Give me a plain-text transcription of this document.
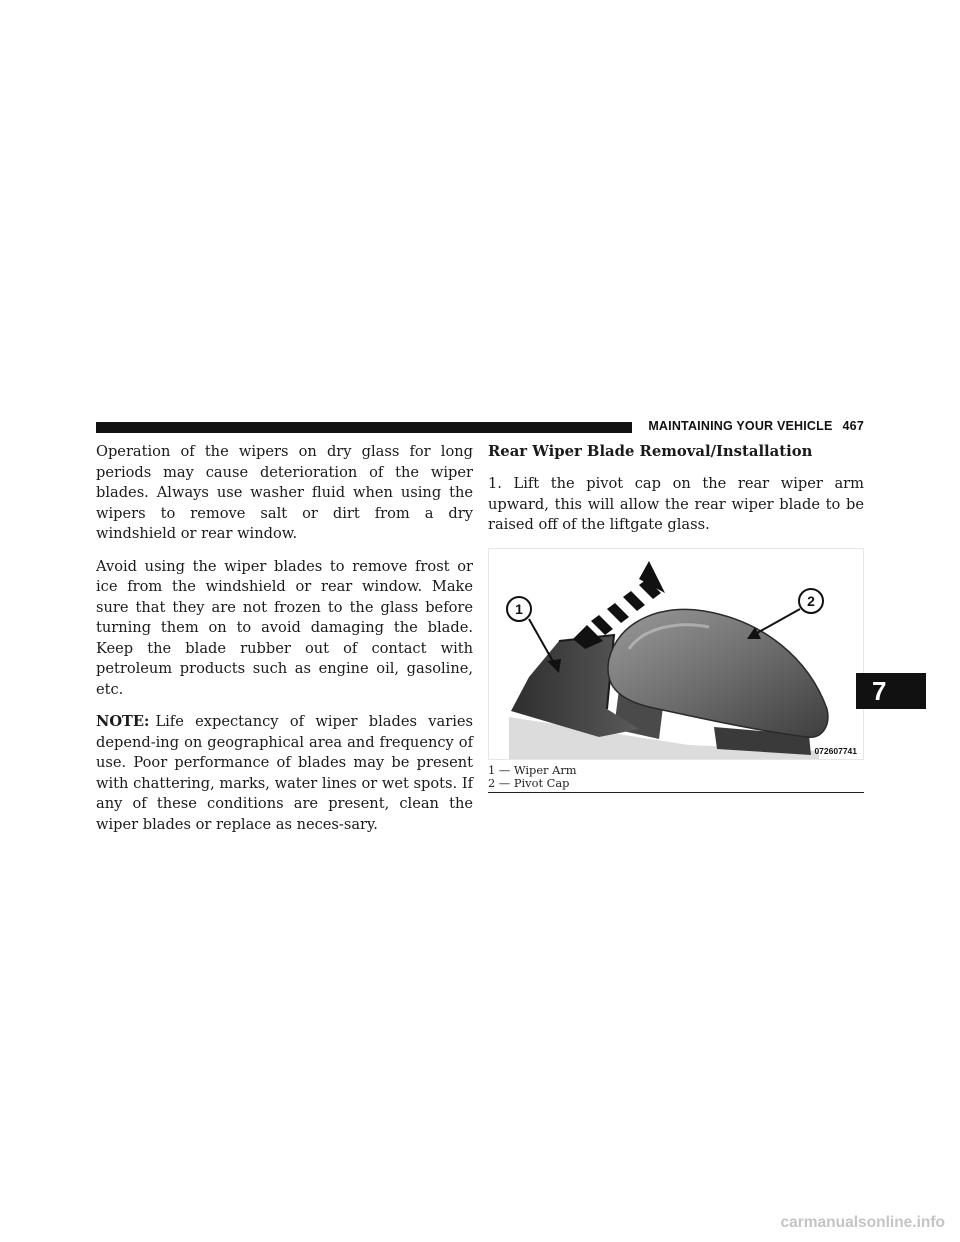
MAINTAINING YOUR VEHICLE 467

Operation of the wipers on dry glass for long periods may cause deterioration of the wiper blades. Always use washer fluid when using the wipers to remove salt or dirt from a dry windshield or rear window.

Avoid using the wiper blades to remove frost or ice from the windshield or rear window. Make sure that they are not frozen to the glass before turning them on to avoid damaging the blade. Keep the blade rubber out of contact with petroleum products such as engine oil, gasoline, etc.

NOTE: Life expectancy of wiper blades varies depend-ing on geographical area and frequency of use. Poor performance of blades may be present with chattering, marks, water lines or wet spots. If any of these conditions are present, clean the wiper blades or replace as neces-sary.

Rear Wiper Blade Removal/Installation

1. Lift the pivot cap on the rear wiper arm upward, this will allow the rear wiper blade to be raised off of the liftgate glass.

1	2
072607741
1 — Wiper Arm
2 — Pivot Cap
7
carmanualsonline.info
